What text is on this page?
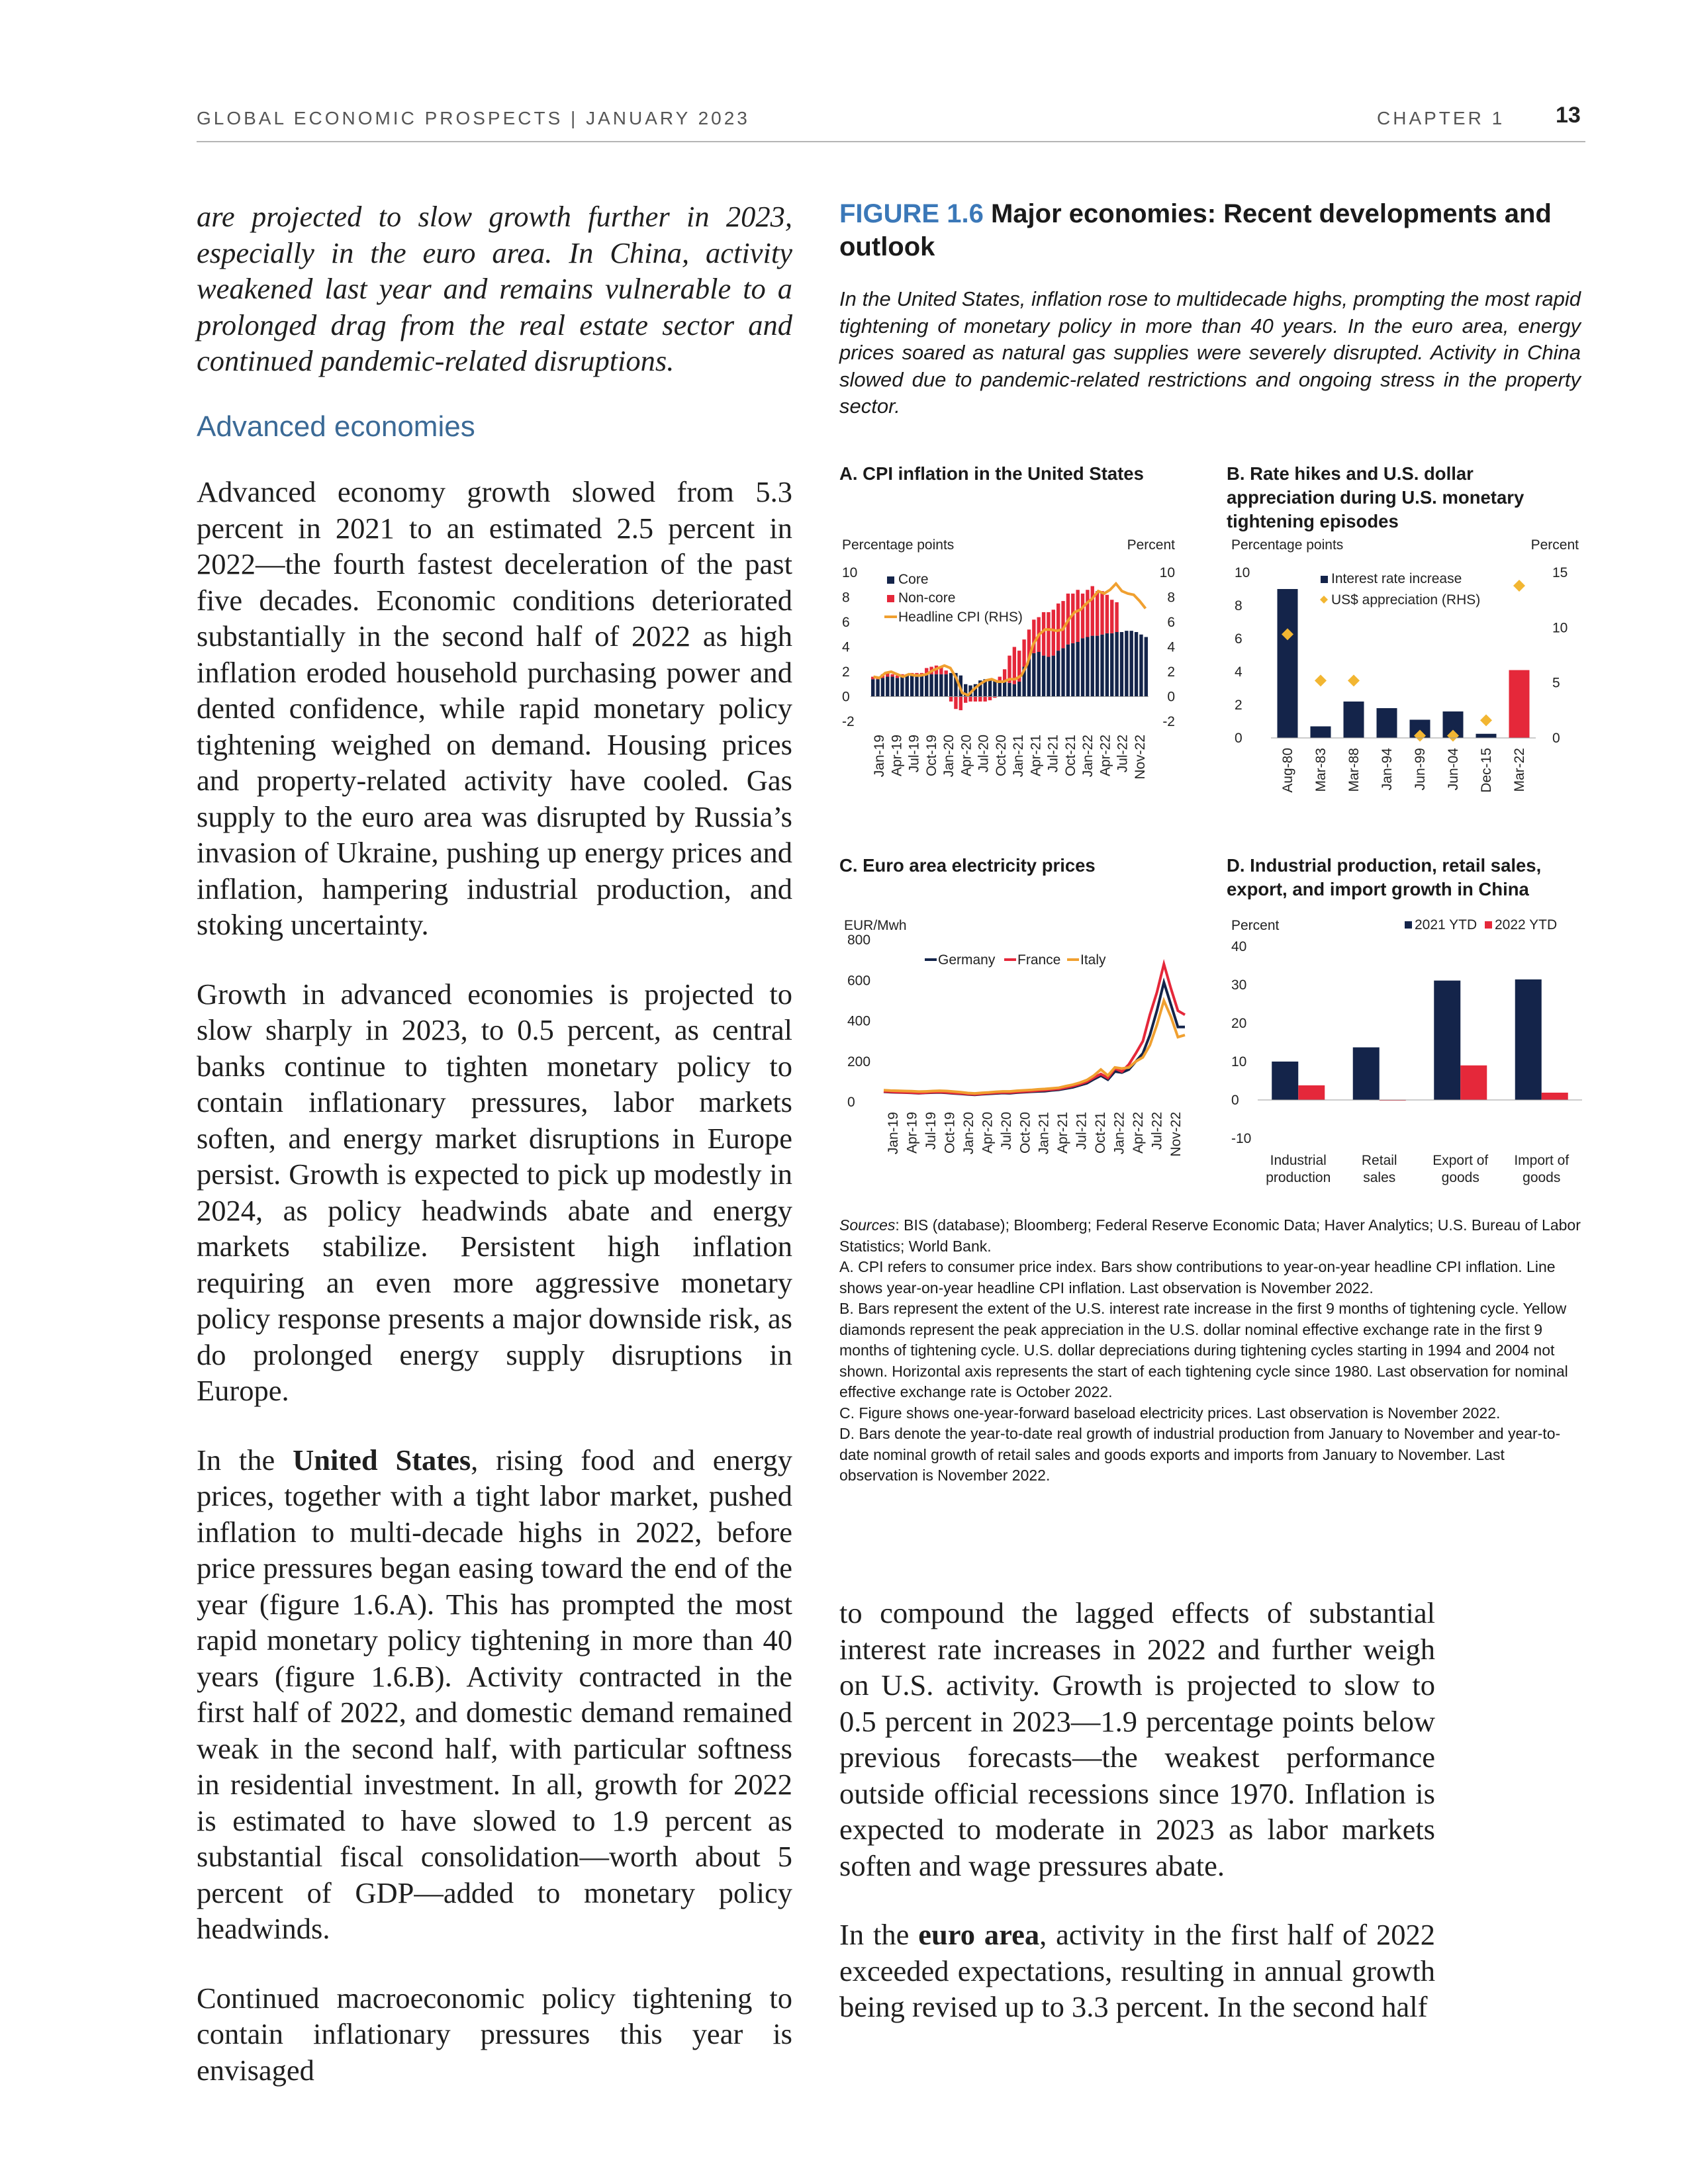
GLOBAL ECONOMIC PROSPECTS | JANUARY 2023	CHAPTER 1 13

are projected to slow growth further in 2023, especially in the euro area. In China, activity weakened last year and remains vulnerable to a prolonged drag from the real estate sector and continued pandemic-related disruptions.

Advanced economies

Advanced economy growth slowed from 5.3 percent in 2021 to an estimated 2.5 percent in 2022—the fourth fastest deceleration of the past five decades. Economic conditions deteriorated substantially in the second half of 2022 as high inflation eroded household purchasing power and dented confidence, while rapid monetary policy tightening weighed on demand. Housing prices and property-related activity have cooled. Gas supply to the euro area was disrupted by Russia’s invasion of Ukraine, pushing up energy prices and inflation, hampering industrial production, and stoking uncertainty.

Growth in advanced economies is projected to slow sharply in 2023, to 0.5 percent, as central banks continue to tighten monetary policy to contain inflationary pressures, labor markets soften, and energy market disruptions in Europe persist. Growth is expected to pick up modestly in 2024, as policy headwinds abate and energy markets stabilize. Persistent high inflation requiring an even more aggressive monetary policy response presents a major downside risk, as do prolonged energy supply disruptions in Europe.

In the United States, rising food and energy prices, together with a tight labor market, pushed inflation to multi-decade highs in 2022, before price pressures began easing toward the end of the year (figure 1.6.A). This has prompted the most rapid monetary policy tightening in more than 40 years (figure 1.6.B). Activity contracted in the first half of 2022, and domestic demand remained weak in the second half, with particular softness in residential investment. In all, growth for 2022 is estimated to have slowed to 1.9 percent as substantial fiscal consolidation—worth about 5 percent of GDP—added to monetary policy headwinds.

Continued macroeconomic policy tightening to contain inflationary pressures this year is envisaged

to compound the lagged effects of substantial interest rate increases in 2022 and further weigh on U.S. activity. Growth is projected to slow to 0.5 percent in 2023—1.9 percentage points below previous forecasts—the weakest performance outside official recessions since 1970. Inflation is expected to moderate in 2023 as labor markets soften and wage pressures abate.

In the euro area, activity in the first half of 2022 exceeded expectations, resulting in annual growth being revised up to 3.3 percent. In the second half

FIGURE 1.6 Major economies: Recent developments and outlook
In the United States, inflation rose to multidecade highs, prompting the most rapid tightening of monetary policy in more than 40 years. In the euro area, energy prices soared as natural gas supplies were severely disrupted. Activity in China slowed due to pandemic-related restrictions and ongoing stress in the property sector.
A. CPI inflation in the United States	B. Rate hikes and U.S. dollar appreciation during U.S. monetary tightening episodes
C. Euro area electricity prices	D. Industrial production, retail sales, export, and import growth in China
Percentage points	Percent
-2	-2
0	0
2	2
4	4
6	6
8	8
10	10
Core
Non-core
Headline CPI (RHS)
Jan-19 Apr-19 Jul-19 Oct-19 Jan-20 Apr-20 Jul-20 Oct-20 Jan-21 Apr-21 Jul-21 Oct-21 Jan-22 Apr-22 Jul-22 Nov-22
Percentage points	Percent
0
2
4
6
8
10
0
5
10
15
Aug-80 Mar-83 Mar-88 Jan-94 Jun-99 Jun-04 Dec-15 Mar-22
Interest rate increase
US$ appreciation (RHS)
EUR/Mwh
0
200
400
600
800
Germany France Italy
Jan-19 Apr-19 Jul-19 Oct-19 Jan-20 Apr-20 Jul-20 Oct-20 Jan-21 Apr-21 Jul-21 Oct-21 Jan-22 Apr-22 Jul-22 Nov-22
Percent
-10
0
10
20
30
40
Industrial
production
Retail
sales
Export of
goods
Import of
goods
2021 YTD 2022 YTD
Sources: BIS (database); Bloomberg; Federal Reserve Economic Data; Haver Analytics; U.S. Bureau of Labor Statistics; World Bank.
A. CPI refers to consumer price index. Bars show contributions to year-on-year headline CPI inflation. Line shows year-on-year headline CPI inflation. Last observation is November 2022.
B. Bars represent the extent of the U.S. interest rate increase in the first 9 months of tightening cycle. Yellow diamonds represent the peak appreciation in the U.S. dollar nominal effective exchange rate in the first 9 months of tightening cycle. U.S. dollar depreciations during tightening cycles starting in 1994 and 2004 not shown. Horizontal axis represents the start of each tightening cycle since 1980. Last observation for nominal effective exchange rate is October 2022.
C. Figure shows one-year-forward baseload electricity prices. Last observation is November 2022.
D. Bars denote the year-to-date real growth of industrial production from January to November and year-to-date nominal growth of retail sales and goods exports and imports from January to November. Last observation is November 2022.
